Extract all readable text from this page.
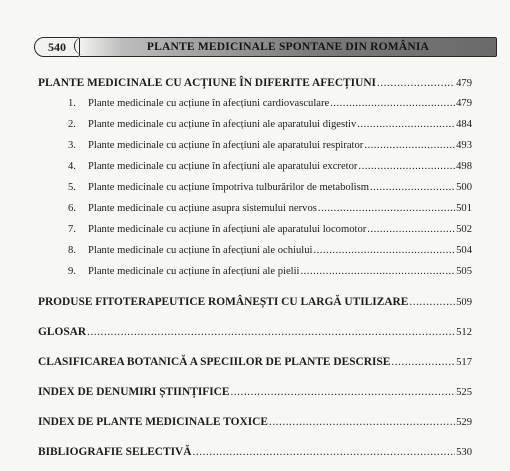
540	PLANTE MEDICINALE SPONTANE DIN ROMÂNIA
PLANTE MEDICINALE CU ACȚIUNE ÎN DIFERITE AFECȚIUNI .....	479
1.	Plante medicinale cu acțiune în afecțiuni cardiovasculare .....	479
2.	Plante medicinale cu acțiune în afecțiuni ale aparatului digestiv .....	484
3.	Plante medicinale cu acțiune în afecțiuni ale aparatului respirator .....	493
4.	Plante medicinale cu acțiune în afecțiuni ale aparatului excretor .....	498
5.	Plante medicinale cu acțiune împotriva tulburărilor de metabolism .....	500
6.	Plante medicinale cu acțiune asupra sistemului nervos .....	501
7.	Plante medicinale cu acțiune în afecțiuni ale aparatului locomotor .....	502
8.	Plante medicinale cu acțiune în afecțiuni ale ochiului .....	504
9.	Plante medicinale cu acțiune în afecțiuni ale pielii .....	505
PRODUSE FITOTERAPEUTICE ROMÂNEȘTI CU LARGĂ UTILIZARE .....	509
GLOSAR .....	512
CLASIFICAREA BOTANICĂ A SPECIILOR DE PLANTE DESCRISE .....	517
INDEX DE DENUMIRI ȘTIINȚIFICE .....	525
INDEX DE PLANTE MEDICINALE TOXICE .....	529
BIBLIOGRAFIE SELECTIVĂ .....	530
